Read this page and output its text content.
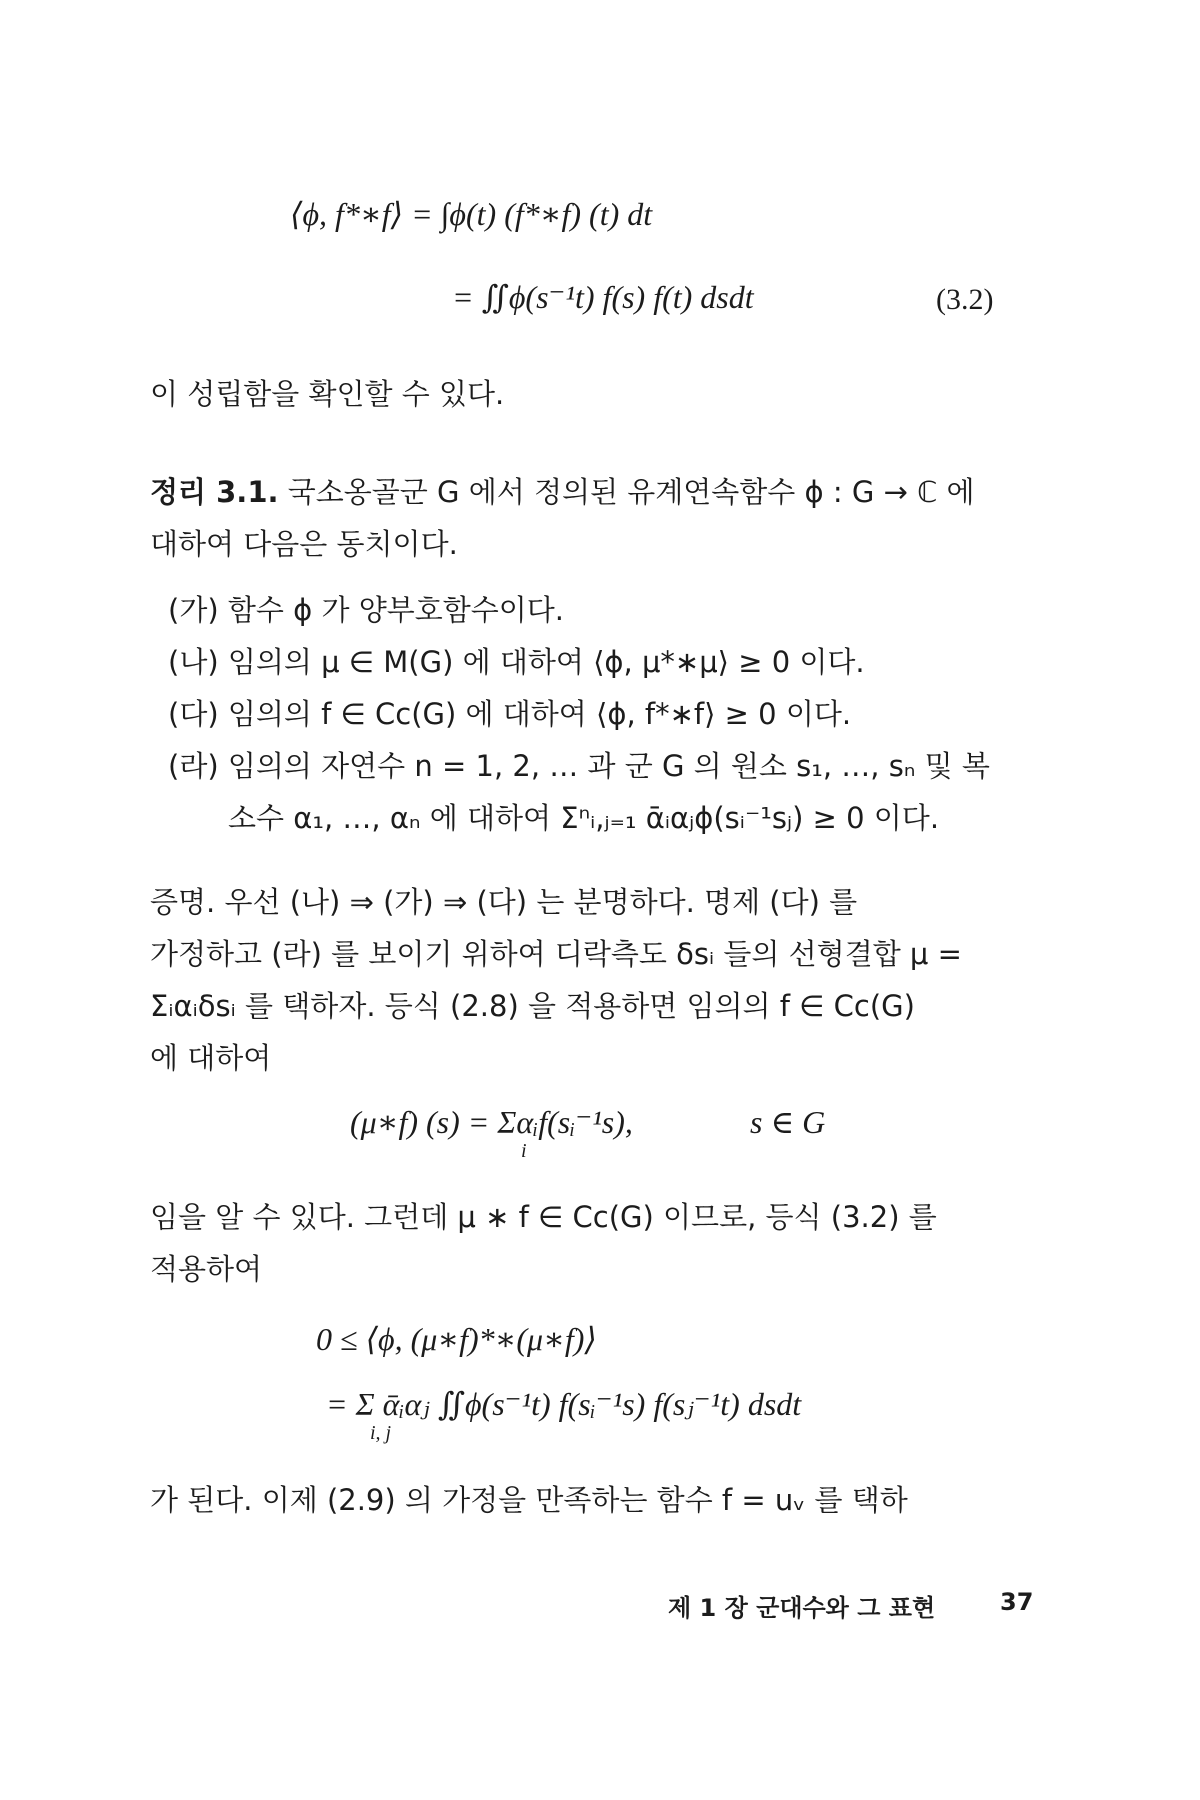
⟨ϕ, f*∗f⟩ = ∫ϕ(t) (f*∗f) (t) dt
= ∬ϕ(s⁻¹t) f(s) f(t) dsdt	(3.2)
이 성립함을 확인할 수 있다.
정리 3.1. 국소옹골군 G 에서 정의된 유계연속함수 ϕ : G → ℂ 에
대하여 다음은 동치이다.
(가) 함수 ϕ 가 양부호함수이다.
(나) 임의의 μ ∈ M(G) 에 대하여 ⟨ϕ, μ*∗μ⟩ ≥ 0 이다.
(다) 임의의 f ∈ Cc(G) 에 대하여 ⟨ϕ, f*∗f⟩ ≥ 0 이다.
(라) 임의의 자연수 n = 1, 2, … 과 군 G 의 원소 s₁, …, sₙ 및 복
소수 α₁, …, αₙ 에 대하여 Σⁿᵢ,ⱼ₌₁ ᾱᵢαⱼϕ(sᵢ⁻¹sⱼ) ≥ 0 이다.
증명. 우선 (나) ⇒ (가) ⇒ (다) 는 분명하다. 명제 (다) 를
가정하고 (라) 를 보이기 위하여 디락측도 δsᵢ 들의 선형결합 μ =
Σᵢαᵢδsᵢ 를 택하자. 등식 (2.8) 을 적용하면 임의의 f ∈ Cc(G)
에 대하여
(μ∗f) (s) = Σαᵢf(sᵢ⁻¹s),
i
s ∈ G
임을 알 수 있다. 그런데 μ ∗ f ∈ Cc(G) 이므로, 등식 (3.2) 를
적용하여
0 ≤ ⟨ϕ, (μ∗f)*∗(μ∗f)⟩
= Σ ᾱᵢαⱼ ∬ϕ(s⁻¹t) f(sᵢ⁻¹s) f(sⱼ⁻¹t) dsdt
i, j
가 된다. 이제 (2.9) 의 가정을 만족하는 함수 f = uᵥ 를 택하
제 1 장 군대수와 그 표현	37
